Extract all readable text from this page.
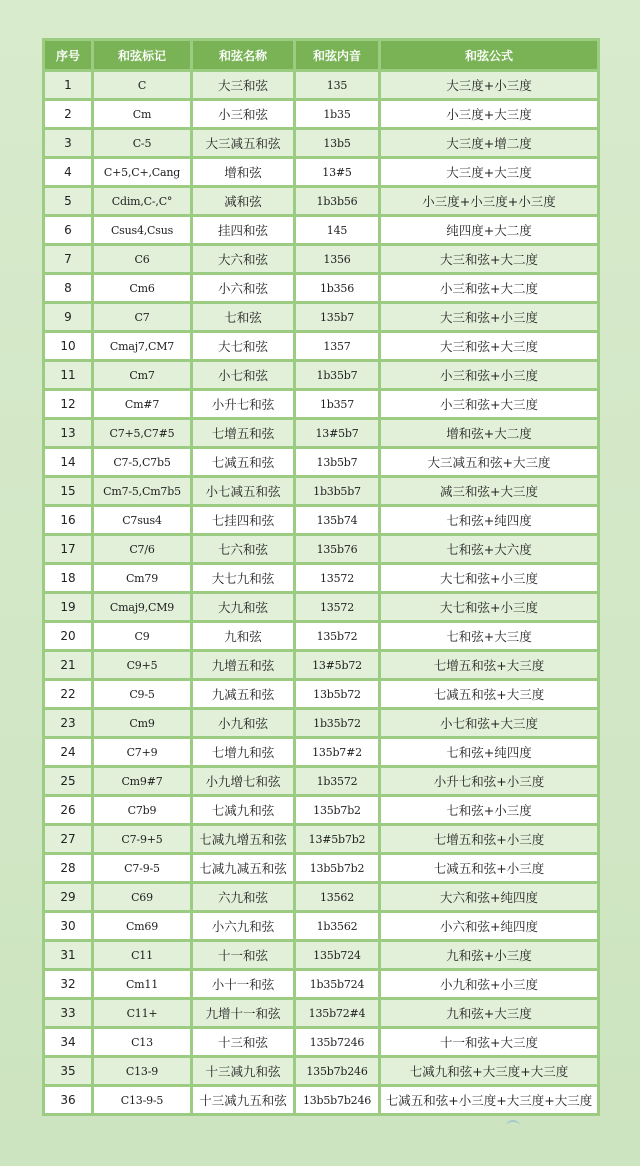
序号	和弦标记	和弦名称	和弦内音	和弦公式
1	C	大三和弦	135	大三度+小三度
2	Cm	小三和弦	1b35	小三度+大三度
3	C-5	大三减五和弦	13b5	大三度+增二度
4	C+5,C+,Cang	增和弦	13#5	大三度+大三度
5	Cdim,C-,C°	减和弦	1b3b56	小三度+小三度+小三度
6	Csus4,Csus	挂四和弦	145	纯四度+大二度
7	C6	大六和弦	1356	大三和弦+大二度
8	Cm6	小六和弦	1b356	小三和弦+大二度
9	C7	七和弦	135b7	大三和弦+小三度
10	Cmaj7,CM7	大七和弦	1357	大三和弦+大三度
11	Cm7	小七和弦	1b35b7	小三和弦+小三度
12	Cm#7	小升七和弦	1b357	小三和弦+大三度
13	C7+5,C7#5	七增五和弦	13#5b7	增和弦+大二度
14	C7-5,C7b5	七减五和弦	13b5b7	大三减五和弦+大三度
15	Cm7-5,Cm7b5	小七减五和弦	1b3b5b7	减三和弦+大三度
16	C7sus4	七挂四和弦	135b74	七和弦+纯四度
17	C7/6	七六和弦	135b76	七和弦+大六度
18	Cm79	大七九和弦	13572	大七和弦+小三度
19	Cmaj9,CM9	大九和弦	13572	大七和弦+小三度
20	C9	九和弦	135b72	七和弦+大三度
21	C9+5	九增五和弦	13#5b72	七增五和弦+大三度
22	C9-5	九减五和弦	13b5b72	七减五和弦+大三度
23	Cm9	小九和弦	1b35b72	小七和弦+大三度
24	C7+9	七增九和弦	135b7#2	七和弦+纯四度
25	Cm9#7	小九增七和弦	1b3572	小升七和弦+小三度
26	C7b9	七减九和弦	135b7b2	七和弦+小三度
27	C7-9+5	七减九增五和弦	13#5b7b2	七增五和弦+小三度
28	C7-9-5	七减九减五和弦	13b5b7b2	七减五和弦+小三度
29	C69	六九和弦	13562	大六和弦+纯四度
30	Cm69	小六九和弦	1b3562	小六和弦+纯四度
31	C11	十一和弦	135b724	九和弦+小三度
32	Cm11	小十一和弦	1b35b724	小九和弦+小三度
33	C11+	九增十一和弦	135b72#4	九和弦+大三度
34	C13	十三和弦	135b7246	十一和弦+大三度
35	C13-9	十三减九和弦	135b7b246	七减九和弦+大三度+大三度
36	C13-9-5	十三减九五和弦	13b5b7b246	七减五和弦+小三度+大三度+大三度
